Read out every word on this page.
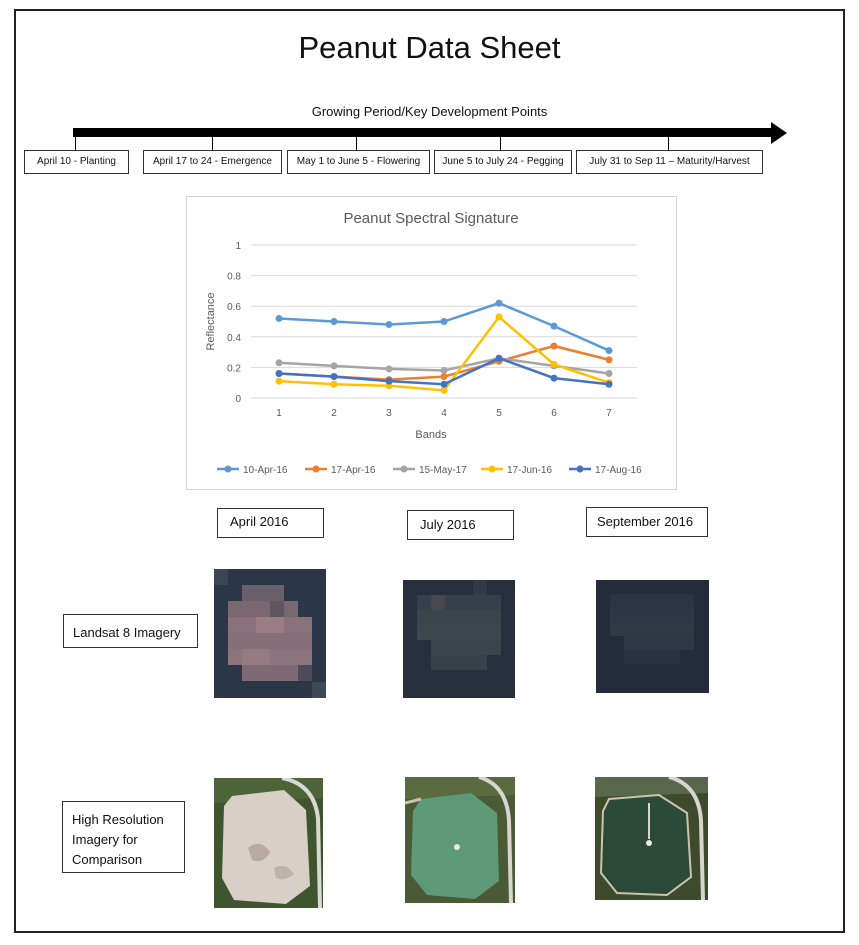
Peanut Data Sheet
Growing Period/Key Development Points
April 10 - Planting	April 17 to 24 - Emergence	May 1 to June 5 - Flowering	June 5 to July 24 - Pegging	July 31 to Sep 11 – Maturity/Harvest
Peanut Spectral Signature
0
0.2
0.4
0.6
0.8
1
1	2	3	4	5	6	7
Bands
Reflectance
10-Apr-16	17-Apr-16	15-May-17	17-Jun-16	17-Aug-16
April 2016	July 2016	September 2016
Landsat 8 Imagery
High Resolution Imagery for Comparison
